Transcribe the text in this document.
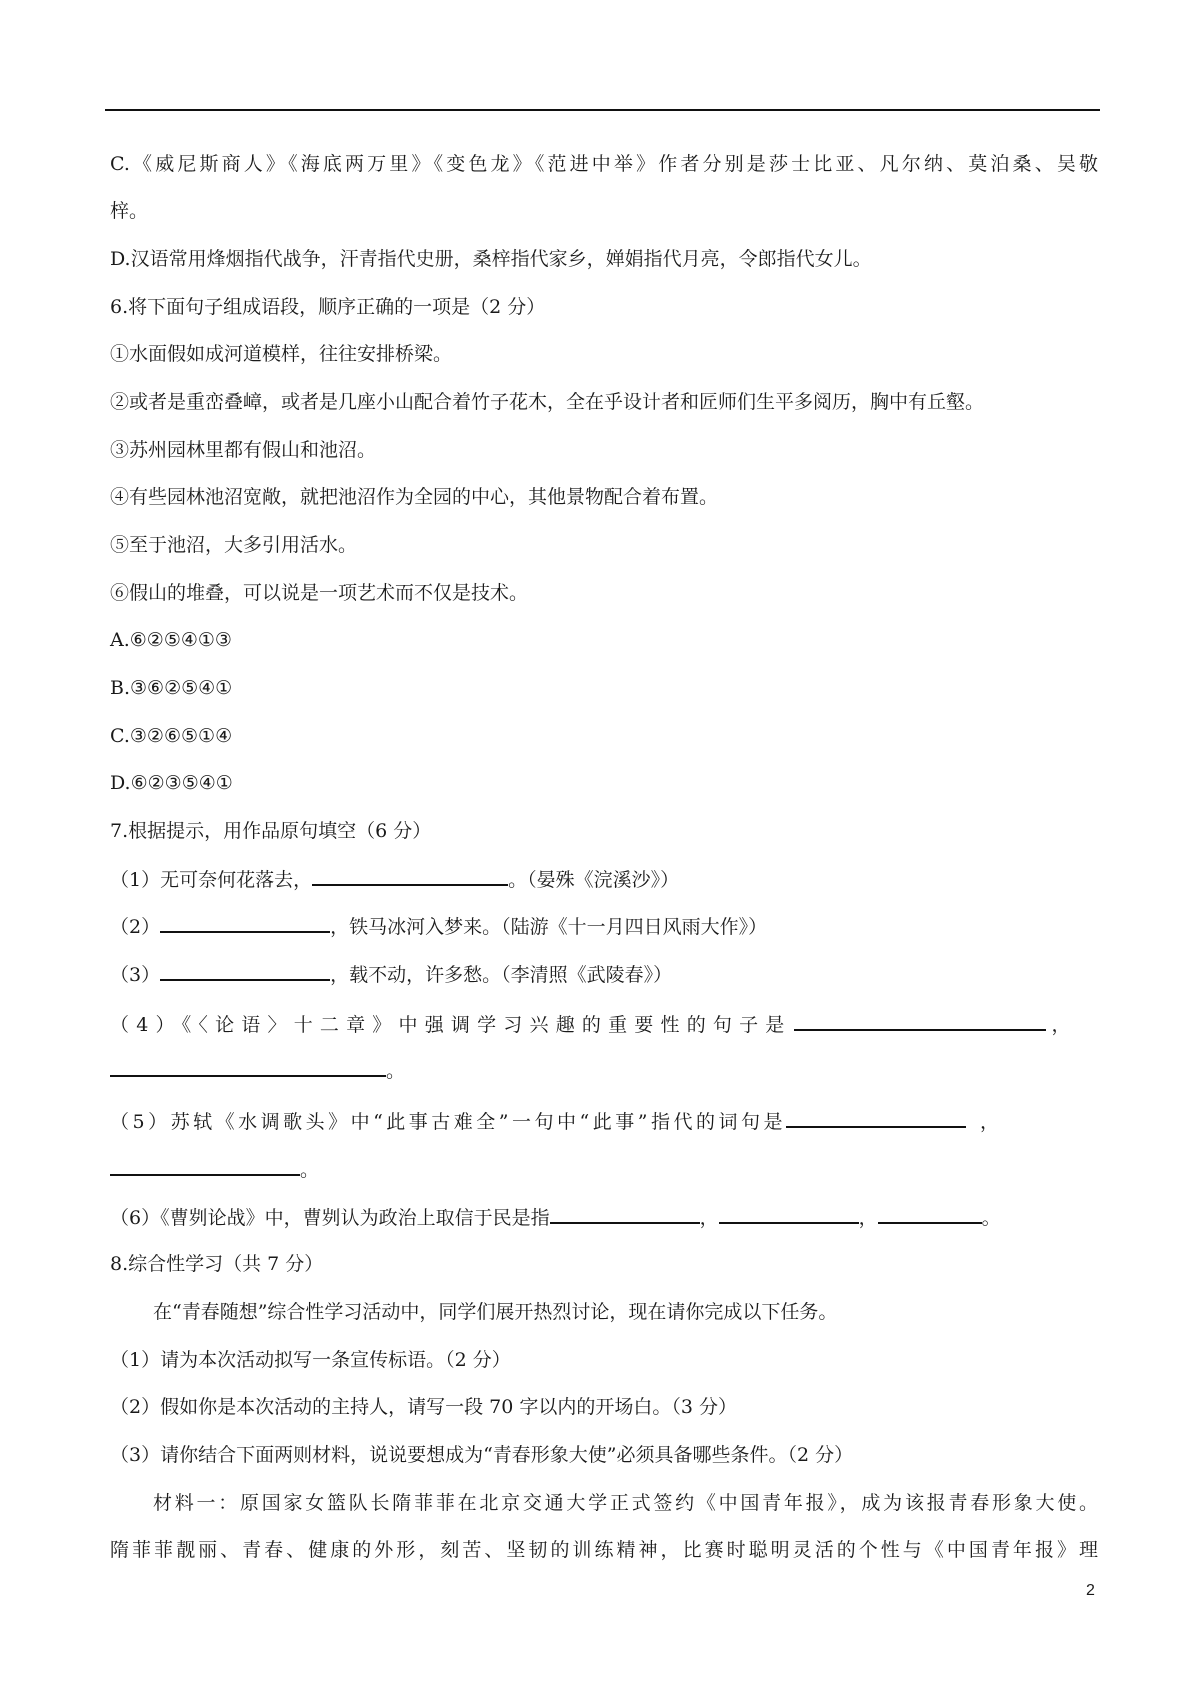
C.《威尼斯商人》《海底两万里》《变色龙》《范进中举》作者分别是莎士比亚、凡尔纳、莫泊桑、吴敬
梓。
D.汉语常用烽烟指代战争，汗青指代史册，桑梓指代家乡，婵娟指代月亮，令郎指代女儿。
6.将下面句子组成语段，顺序正确的一项是（2 分）
①水面假如成河道模样，往往安排桥梁。
②或者是重峦叠嶂，或者是几座小山配合着竹子花木，全在乎设计者和匠师们生平多阅历，胸中有丘壑。
③苏州园林里都有假山和池沼。
④有些园林池沼宽敞，就把池沼作为全园的中心，其他景物配合着布置。
⑤至于池沼，大多引用活水。
⑥假山的堆叠，可以说是一项艺术而不仅是技术。
A.⑥②⑤④①③
B.③⑥②⑤④①
C.③②⑥⑤①④
D.⑥②③⑤④①
7.根据提示，用作品原句填空（6 分）
（1）无可奈何花落去，	。（晏殊《浣溪沙》）
（2）	，铁马冰河入梦来。（陆游《十一月四日风雨大作》）
（3）	，载不动，许多愁。（李清照《武陵春》）
（4）《〈论语〉十二章》中强调学习兴趣的重要性的句子是	，
。
（5）苏轼《水调歌头》中“此事古难全”一句中“此事”指代的词句是	，
。
（6）《曹刿论战》中，曹刿认为政治上取信于民是指	，	，	。
8.综合性学习（共 7 分）
在“青春随想”综合性学习活动中，同学们展开热烈讨论，现在请你完成以下任务。
（1）请为本次活动拟写一条宣传标语。（2 分）
（2）假如你是本次活动的主持人，请写一段 70 字以内的开场白。（3 分）
（3）请你结合下面两则材料，说说要想成为“青春形象大使”必须具备哪些条件。（2 分）
材料一：原国家女篮队长隋菲菲在北京交通大学正式签约《中国青年报》，成为该报青春形象大使。
隋菲菲靓丽、青春、健康的外形，刻苦、坚韧的训练精神，比赛时聪明灵活的个性与《中国青年报》理
2
